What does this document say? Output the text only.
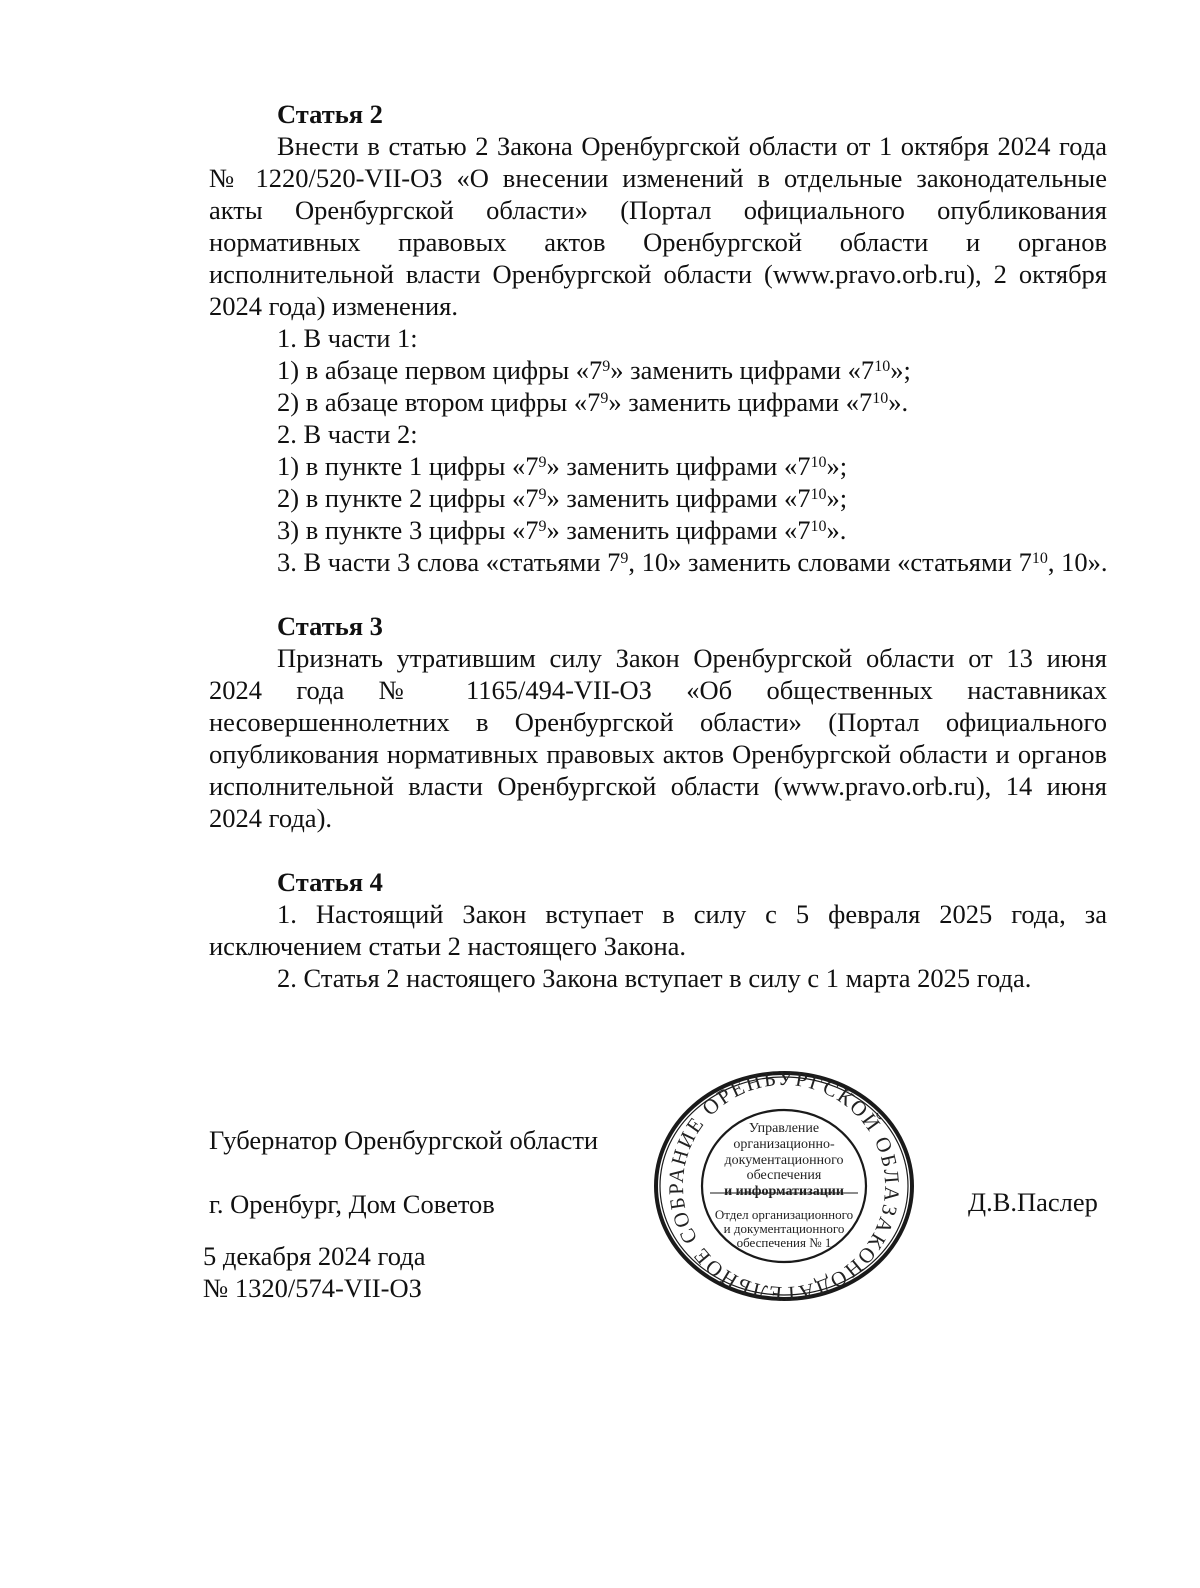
Статья 2

Внести в статью 2 Закона Оренбургской области от 1 октября 2024 года № 1220/520-VII-ОЗ «О внесении изменений в отдельные законодательные акты Оренбургской области» (Портал официального опубликования нормативных правовых актов Оренбургской области и органов исполнительной власти Оренбургской области (www.pravo.orb.ru), 2 октября 2024 года) изменения.

1. В части 1:

1) в абзаце первом цифры «$7^9$» заменить цифрами «$7^{10}$»;

2) в абзаце втором цифры «$7^9$» заменить цифрами «$7^{10}$».

2. В части 2:

1) в пункте 1 цифры «$7^9$» заменить цифрами «$7^{10}$»;

2) в пункте 2 цифры «$7^9$» заменить цифрами «$7^{10}$»;

3) в пункте 3 цифры «$7^9$» заменить цифрами «$7^{10}$».

3. В части 3 слова «статьями $7^9$, 10» заменить словами «статьями $7^{10}$, 10».

Статья 3

Признать утратившим силу Закон Оренбургской области от 13 июня 2024 года № 1165/494-VII-ОЗ «Об общественных наставниках несовершеннолетних в Оренбургской области» (Портал официального опубликования нормативных правовых актов Оренбургской области и органов исполнительной власти Оренбургской области (www.pravo.orb.ru), 14 июня 2024 года).

Статья 4

1. Настоящий Закон вступает в силу с 5 февраля 2025 года, за исключением статьи 2 настоящего Закона.

2. Статья 2 настоящего Закона вступает в силу с 1 марта 2025 года.

Губернатор Оренбургской области
г. Оренбург, Дом Советов
5 декабря 2024 года
№ 1320/574-VII-ОЗ
Д.В.Паслер
ЗАКОНОДАТЕЛЬНОЕ СОБРАНИЕ ОРЕНБУРГСКОЙ ОБЛА
Управление
организационно-
документационного
обеспечения
и информатизации
Отдел организационного
и документационного
обеспечения № 1
